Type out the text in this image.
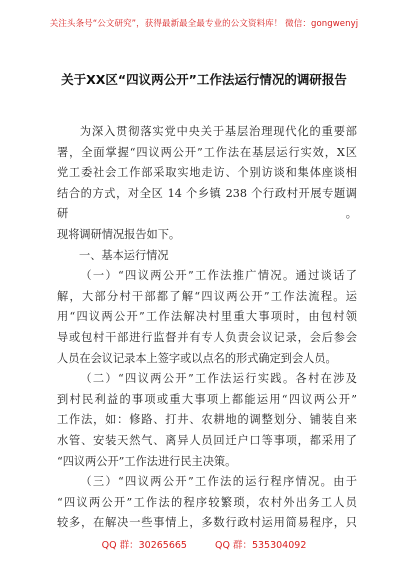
关注头条号“公文研究”，获得最新最全最专业的公文资料库！ 微信：gongwenyj
关于XX区“四议两公开”工作法运行情况的调研报告

为深入贯彻落实党中央关于基层治理现代化的重要部

署，全面掌握“四议两公开”工作法在基层运行实效，X区

党工委社会工作部采取实地走访、个别访谈和集体座谈相

结合的方式，对全区 14 个乡镇 238 个行政村开展专题调研。

现将调研情况报告如下。

一、基本运行情况

（一）“四议两公开”工作法推广情况。通过谈话了

解，大部分村干部都了解“四议两公开”工作法流程。运

用“四议两公开”工作法解决村里重大事项时，由包村领

导或包村干部进行监督并有专人负责会议记录，会后参会

人员在会议记录本上签字或以点名的形式确定到会人员。

（二）“四议两公开”工作法运行实践。各村在涉及

到村民利益的事项或重大事项上都能运用“四议两公开”

工作法，如：修路、打井、农耕地的调整划分、铺装自来

水管、安装天然气、离异人员回迁户口等事项，都采用了

“四议两公开”工作法进行民主决策。

（三）“四议两公开”工作法的运行程序情况。由于

“四议两公开”工作法的程序较繁琐，农村外出务工人员

较多，在解决一些事情上，多数行政村运用简易程序，只

QQ 群：30265665	QQ 群：535304092
